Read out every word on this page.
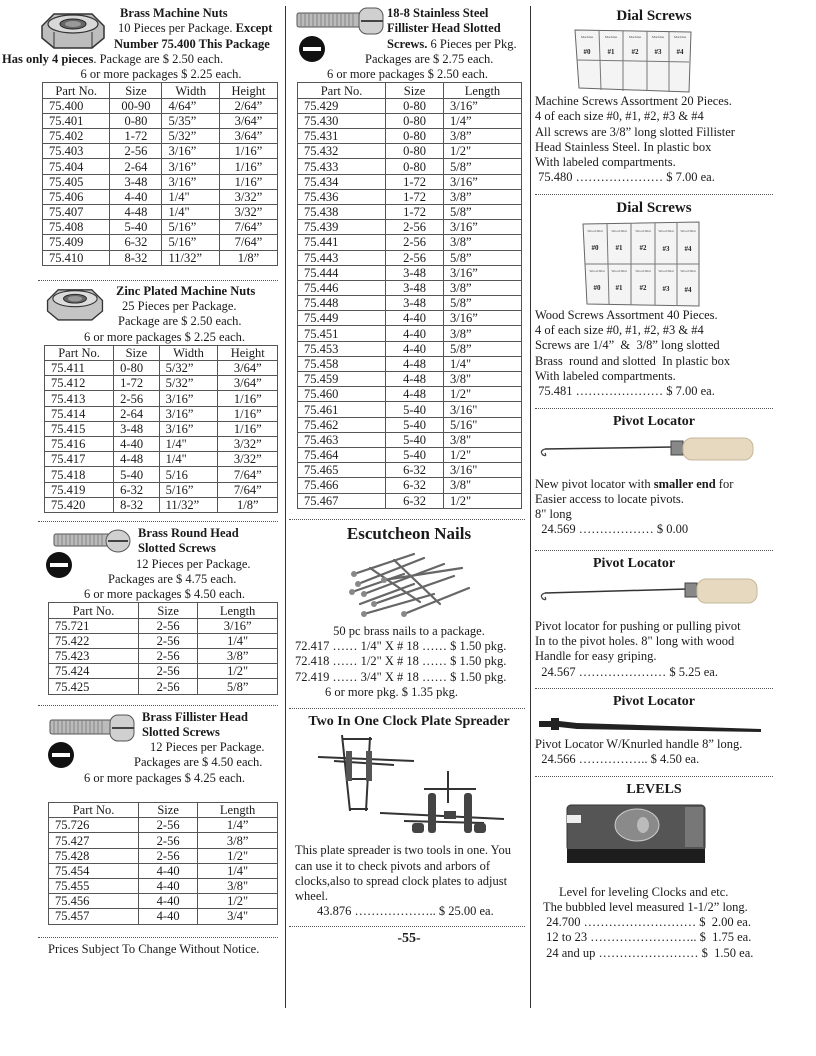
Brass Machine Nuts
10 Pieces per Package. Except
Number 75.400 This Package
Has only 4 pieces. Package are $ 2.50 each.
6 or more packages $ 2.25 each.
Part No.	Size	Width	Height
75.400	00-90	4/64”	2/64”
75.401	0-80	5/35”	3/64”
75.402	1-72	5/32”	3/64”
75.403	2-56	3/16”	1/16”
75.404	2-64	3/16”	1/16”
75.405	3-48	3/16”	1/16”
75.406	4-40	1/4"	3/32”
75.407	4-48	1/4"	3/32”
75.408	5-40	5/16”	7/64”
75.409	6-32	5/16”	7/64”
75.410	8-32	11/32”	1/8”
Zinc Plated Machine Nuts
25 Pieces per Package.
Package are $ 2.50 each.
6 or more packages $ 2.25 each.
Part No.	Size	Width	Height
75.411	0-80	5/32”	3/64”
75.412	1-72	5/32”	3/64”
75.413	2-56	3/16”	1/16”
75.414	2-64	3/16”	1/16”
75.415	3-48	3/16”	1/16”
75.416	4-40	1/4"	3/32”
75.417	4-48	1/4"	3/32”
75.418	5-40	5/16	7/64”
75.419	6-32	5/16”	7/64”
75.420	8-32	11/32”	1/8”
Brass Round Head
Slotted Screws
12 Pieces per Package.
Packages are $ 4.75 each.
6 or more packages $ 4.50 each.
Part No.	Size	Length
75.721	2-56	3/16”
75.422	2-56	1/4"
75.423	2-56	3/8”
75.424	2-56	1/2"
75.425	2-56	5/8”
Brass Fillister Head
Slotted Screws
12 Pieces per Package.
Packages are $ 4.50 each.
6 or more packages $ 4.25 each.
Part No.	Size	Length
75.726	2-56	1/4”
75.427	2-56	3/8”
75.428	2-56	1/2"
75.454	4-40	1/4"
75.455	4-40	3/8"
75.456	4-40	1/2"
75.457	4-40	3/4"
Prices Subject To Change Without Notice.
18-8 Stainless Steel
Fillister Head Slotted
Screws. 6 Pieces per Pkg.
Packages are $ 2.75 each.
6 or more packages $ 2.50 each.
Part No.	Size	Length
75.429	0-80	3/16”
75.430	0-80	1/4”
75.431	0-80	3/8”
75.432	0-80	1/2"
75.433	0-80	5/8”
75.434	1-72	3/16”
75.436	1-72	3/8”
75.438	1-72	5/8”
75.439	2-56	3/16”
75.441	2-56	3/8”
75.443	2-56	5/8”
75.444	3-48	3/16”
75.446	3-48	3/8”
75.448	3-48	5/8”
75.449	4-40	3/16”
75.451	4-40	3/8”
75.453	4-40	5/8”
75.458	4-48	1/4"
75.459	4-48	3/8"
75.460	4-48	1/2"
75.461	5-40	3/16"
75.462	5-40	5/16"
75.463	5-40	3/8"
75.464	5-40	1/2"
75.465	6-32	3/16"
75.466	6-32	3/8"
75.467	6-32	1/2"
Escutcheon Nails
50 pc brass nails to a package.
72.417 …… 1/4" X # 18 …… $ 1.50 pkg.
72.418 …… 1/2" X # 18 …… $ 1.50 pkg.
72.419 …… 3/4" X # 18 …… $ 1.50 pkg.
6 or more pkg. $ 1.35 pkg.
Two In One Clock Plate Spreader
This plate spreader is two tools in one. You can use it to check pivots and arbors of clocks,also to spread clock plates to adjust wheel.
43.876 ……………….. $ 25.00 ea.
-55-
Dial Screws
#0 #1 #2 #3 #4
Machine	Machine	Machine	Machine	Machine
Machine Screws Assortment 20 Pieces.
4 of each size #0, #1, #2, #3 & #4
All screws are 3/8” long slotted Fillister
Head Stainless Steel. In plastic box
With labeled compartments.
75.480 ………………… $ 7.00 ea.
Dial Screws
#0 #1 #2 #3 #4
#0 #1 #2 #3 #4
Wood Dial	Wood Dial	Wood Dial Wood Dial Wood Dial
Wood Dial Wood Dial	Wood Dial Wood Dial Wood Dial
Wood Screws Assortment 40 Pieces.
4 of each size #0, #1, #2, #3 & #4
Screws are 1/4”  &  3/8” long slotted
Brass  round and slotted  In plastic box
With labeled compartments.
75.481 ………………… $ 7.00 ea.
Pivot Locator
New pivot locator with smaller end for
Easier access to locate pivots.
8" long
24.569 ……………… $ 0.00
Pivot Locator
Pivot locator for pushing or pulling pivot
In to the pivot holes. 8" long with wood
Handle for easy griping.
24.567 ………………… $ 5.25 ea.
Pivot Locator
Pivot Locator W/Knurled handle 8” long.
24.566 …………….. $ 4.50 ea.
LEVELS
Level for leveling Clocks and etc.
The bubbled level measured 1-1/2” long.
24.700 ……………………… $  2.00 ea.
12 to 23 …………………….. $  1.75 ea.
24 and up …………………… $  1.50 ea.
